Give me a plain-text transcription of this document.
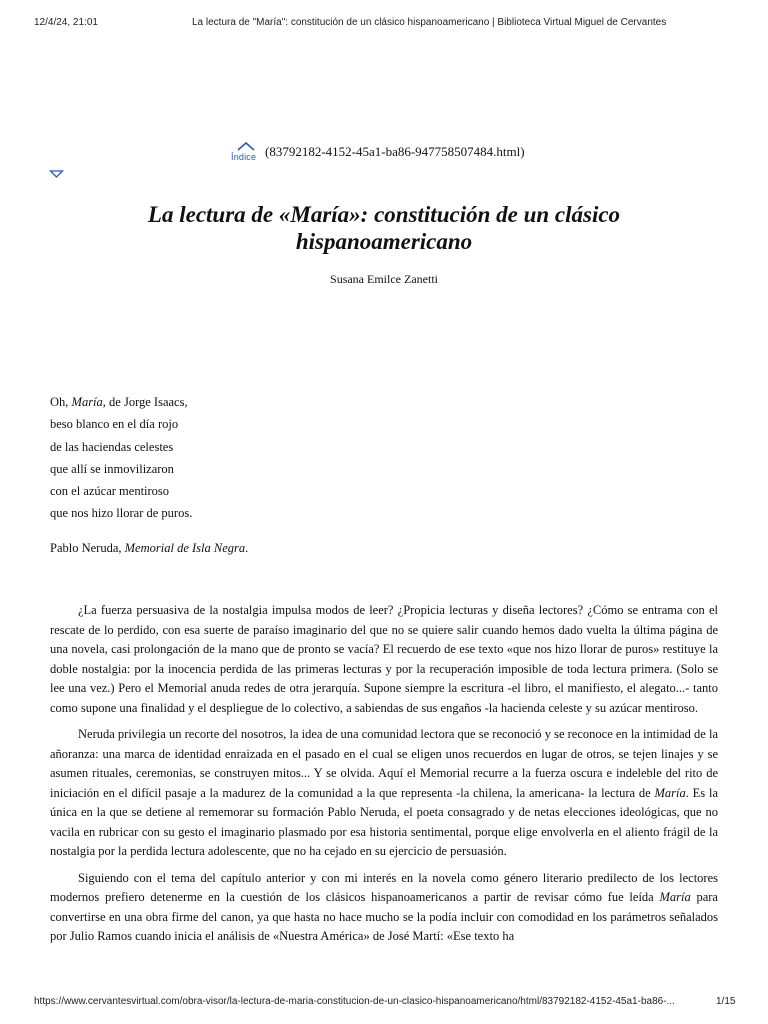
12/4/24, 21:01	La lectura de "María": constitución de un clásico hispanoamericano | Biblioteca Virtual Miguel de Cervantes
Índice (83792182-4152-45a1-ba86-947758507484.html)
La lectura de «María»: constitución de un clásico hispanoamericano
Susana Emilce Zanetti
Oh, María, de Jorge Isaacs,
beso blanco en el día rojo
de las haciendas celestes
que allí se inmovilizaron
con el azúcar mentiroso
que nos hizo llorar de puros.
Pablo Neruda, Memorial de Isla Negra.

¿La fuerza persuasiva de la nostalgia impulsa modos de leer? ¿Propicia lecturas y diseña lectores? ¿Cómo se entrama con el rescate de lo perdido, con esa suerte de paraíso imaginario del que no se quiere salir cuando hemos dado vuelta la última página de una novela, casi prolongación de la mano que de pronto se vacía? El recuerdo de ese texto «que nos hizo llorar de puros» restituye la doble nostalgia: por la inocencia perdida de las primeras lecturas y por la recuperación imposible de toda lectura primera. (Solo se lee una vez.) Pero el Memorial anuda redes de otra jerarquía. Supone siempre la escritura -el libro, el manifiesto, el alegato...- tanto como supone una finalidad y el despliegue de lo colectivo, a sabiendas de sus engaños -la hacienda celeste y su azúcar mentiroso.

Neruda privilegia un recorte del nosotros, la idea de una comunidad lectora que se reconoció y se reconoce en la intimidad de la añoranza: una marca de identidad enraizada en el pasado en el cual se eligen unos recuerdos en lugar de otros, se tejen linajes y se asumen rituales, ceremonias, se construyen mitos... Y se olvida. Aquí el Memorial recurre a la fuerza oscura e indeleble del rito de iniciación en el difícil pasaje a la madurez de la comunidad a la que representa -la chilena, la americana- la lectura de María. Es la única en la que se detiene al rememorar su formación Pablo Neruda, el poeta consagrado y de netas elecciones ideológicas, que no vacila en rubricar con su gesto el imaginario plasmado por esa historia sentimental, porque elige envolverla en el aliento frágil de la nostalgia por la perdida lectura adolescente, que no ha cejado en su ejercicio de persuasión.

Siguiendo con el tema del capítulo anterior y con mi interés en la novela como género literario predilecto de los lectores modernos prefiero detenerme en la cuestión de los clásicos hispanoamericanos a partir de revisar cómo fue leída María para convertirse en una obra firme del canon, ya que hasta no hace mucho se la podía incluir con comodidad en los parámetros señalados por Julio Ramos cuando inicia el análisis de «Nuestra América» de José Martí: «Ese texto ha

https://www.cervantesvirtual.com/obra-visor/la-lectura-de-maria-constitucion-de-un-clasico-hispanoamericano/html/83792182-4152-45a1-ba86-...	1/15
